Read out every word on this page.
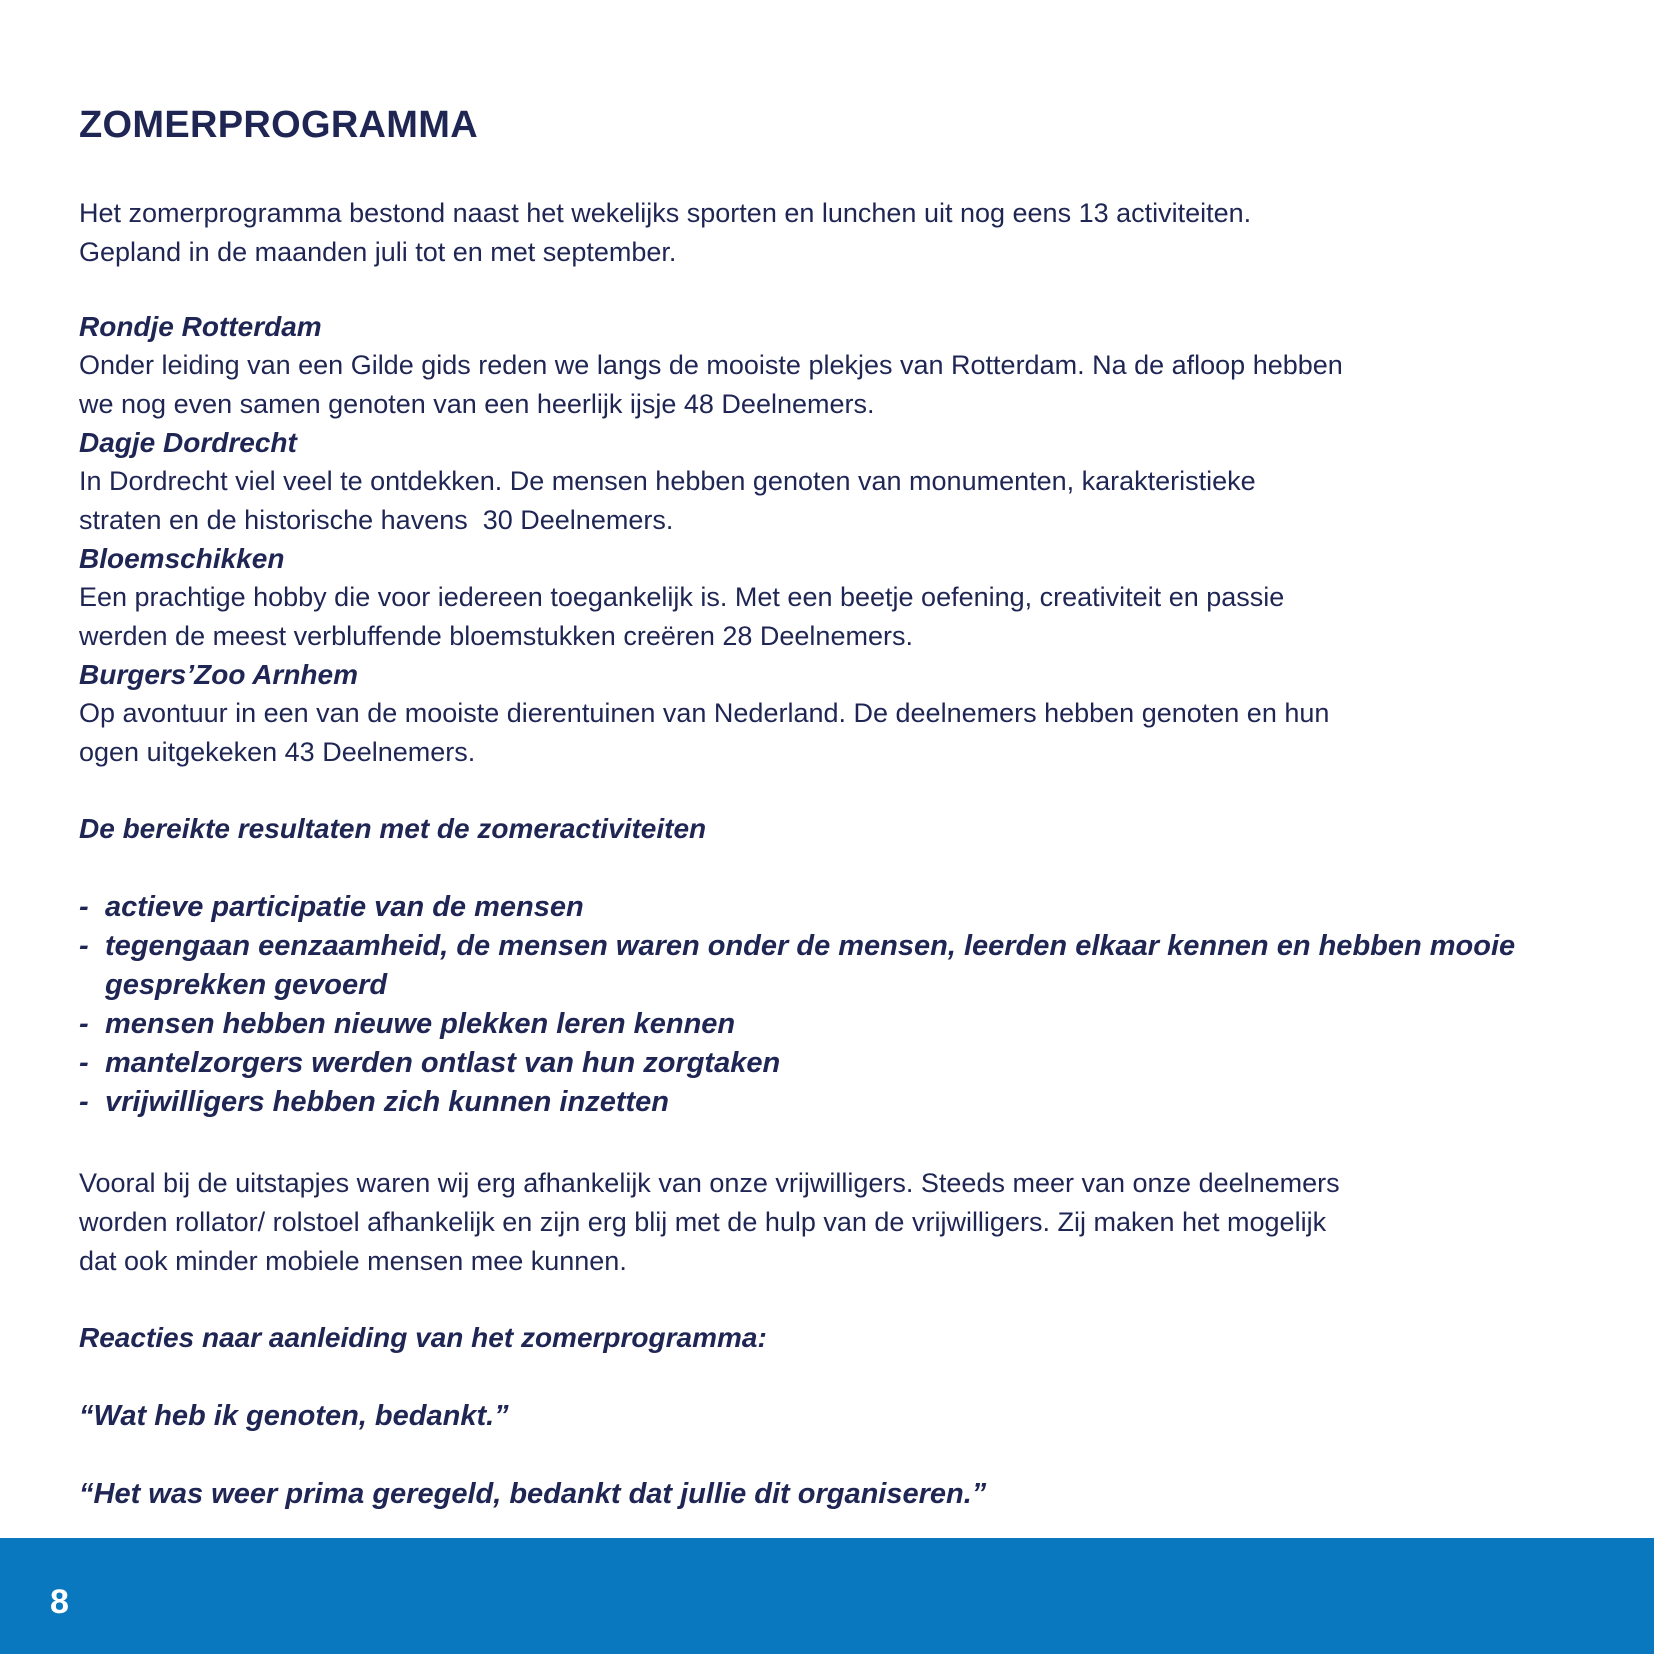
ZOMERPROGRAMMA
Het zomerprogramma bestond naast het wekelijks sporten en lunchen uit nog eens 13 activiteiten.
Gepland in de maanden juli tot en met september.
Rondje Rotterdam
Onder leiding van een Gilde gids reden we langs de mooiste plekjes van Rotterdam. Na de afloop hebben
we nog even samen genoten van een heerlijk ijsje 48 Deelnemers.
Dagje Dordrecht
In Dordrecht viel veel te ontdekken. De mensen hebben genoten van monumenten, karakteristieke
straten en de historische havens  30 Deelnemers.
Bloemschikken
Een prachtige hobby die voor iedereen toegankelijk is. Met een beetje oefening, creativiteit en passie
werden de meest verbluffende bloemstukken creëren 28 Deelnemers.
Burgers’Zoo Arnhem
Op avontuur in een van de mooiste dierentuinen van Nederland. De deelnemers hebben genoten en hun
ogen uitgekeken 43 Deelnemers.
De bereikte resultaten met de zomeractiviteiten
- actieve participatie van de mensen
- tegengaan eenzaamheid, de mensen waren onder de mensen, leerden elkaar kennen en hebben mooie gesprekken gevoerd
- mensen hebben nieuwe plekken leren kennen
- mantelzorgers werden ontlast van hun zorgtaken
- vrijwilligers hebben zich kunnen inzetten
Vooral bij de uitstapjes waren wij erg afhankelijk van onze vrijwilligers. Steeds meer van onze deelnemers
worden rollator/ rolstoel afhankelijk en zijn erg blij met de hulp van de vrijwilligers. Zij maken het mogelijk
dat ook minder mobiele mensen mee kunnen.
Reacties naar aanleiding van het zomerprogramma:
“Wat heb ik genoten, bedankt.”
“Het was weer prima geregeld, bedankt dat jullie dit organiseren.”
8
